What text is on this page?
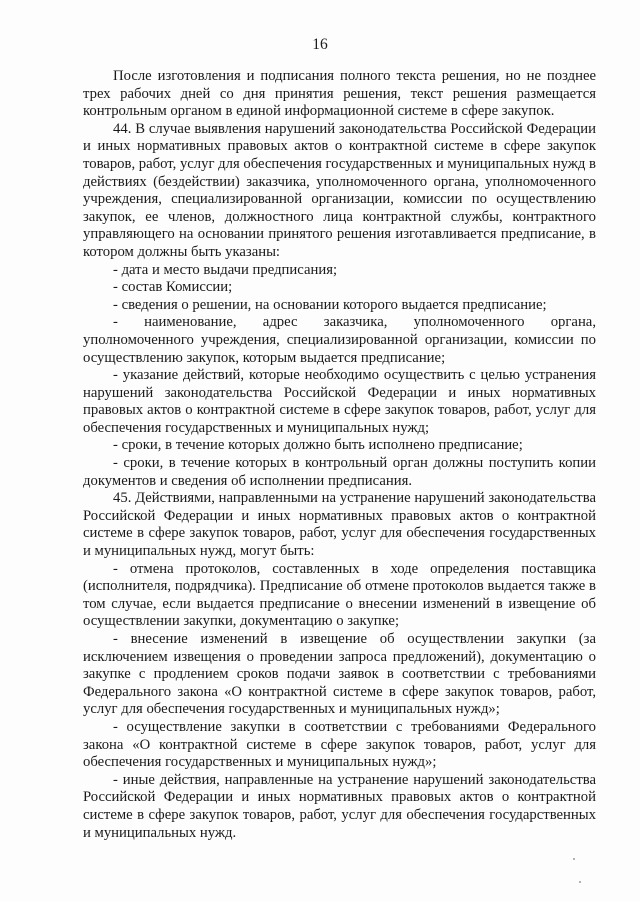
16

После изготовления и подписания полного текста решения, но не позднее трех рабочих дней со дня принятия решения, текст решения размещается контрольным органом в единой информационной системе в сфере закупок.

44. В случае выявления нарушений законодательства Российской Федерации и иных нормативных правовых актов о контрактной системе в сфере закупок товаров, работ, услуг для обеспечения государственных и муниципальных нужд в действиях (бездействии) заказчика, уполномоченного органа, уполномоченного учреждения, специализированной организации, комиссии по осуществлению закупок, ее членов, должностного лица контрактной службы, контрактного управляющего на основании принятого решения изготавливается предписание, в котором должны быть указаны:

- дата и место выдачи предписания;

- состав Комиссии;

- сведения о решении, на основании которого выдается предписание;

- наименование, адрес заказчика, уполномоченного органа, уполномоченного учреждения, специализированной организации, комиссии по осуществлению закупок, которым выдается предписание;

- указание действий, которые необходимо осуществить с целью устранения нарушений законодательства Российской Федерации и иных нормативных правовых актов о контрактной системе в сфере закупок товаров, работ, услуг для обеспечения государственных и муниципальных нужд;

- сроки, в течение которых должно быть исполнено предписание;

- сроки, в течение которых в контрольный орган должны поступить копии документов и сведения об исполнении предписания.

45. Действиями, направленными на устранение нарушений законодательства Российской Федерации и иных нормативных правовых актов о контрактной системе в сфере закупок товаров, работ, услуг для обеспечения государственных и муниципальных нужд, могут быть:

- отмена протоколов, составленных в ходе определения поставщика (исполнителя, подрядчика). Предписание об отмене протоколов выдается также в том случае, если выдается предписание о внесении изменений в извещение об осуществлении закупки, документацию о закупке;

- внесение изменений в извещение об осуществлении закупки (за исключением извещения о проведении запроса предложений), документацию о закупке с продлением сроков подачи заявок в соответствии с требованиями Федерального закона «О контрактной системе в сфере закупок товаров, работ, услуг для обеспечения государственных и муниципальных нужд»;

- осуществление закупки в соответствии с требованиями Федерального закона «О контрактной системе в сфере закупок товаров, работ, услуг для обеспечения государственных и муниципальных нужд»;

- иные действия, направленные на устранение нарушений законодательства Российской Федерации и иных нормативных правовых актов о контрактной системе в сфере закупок товаров, работ, услуг для обеспечения государственных и муниципальных нужд.
